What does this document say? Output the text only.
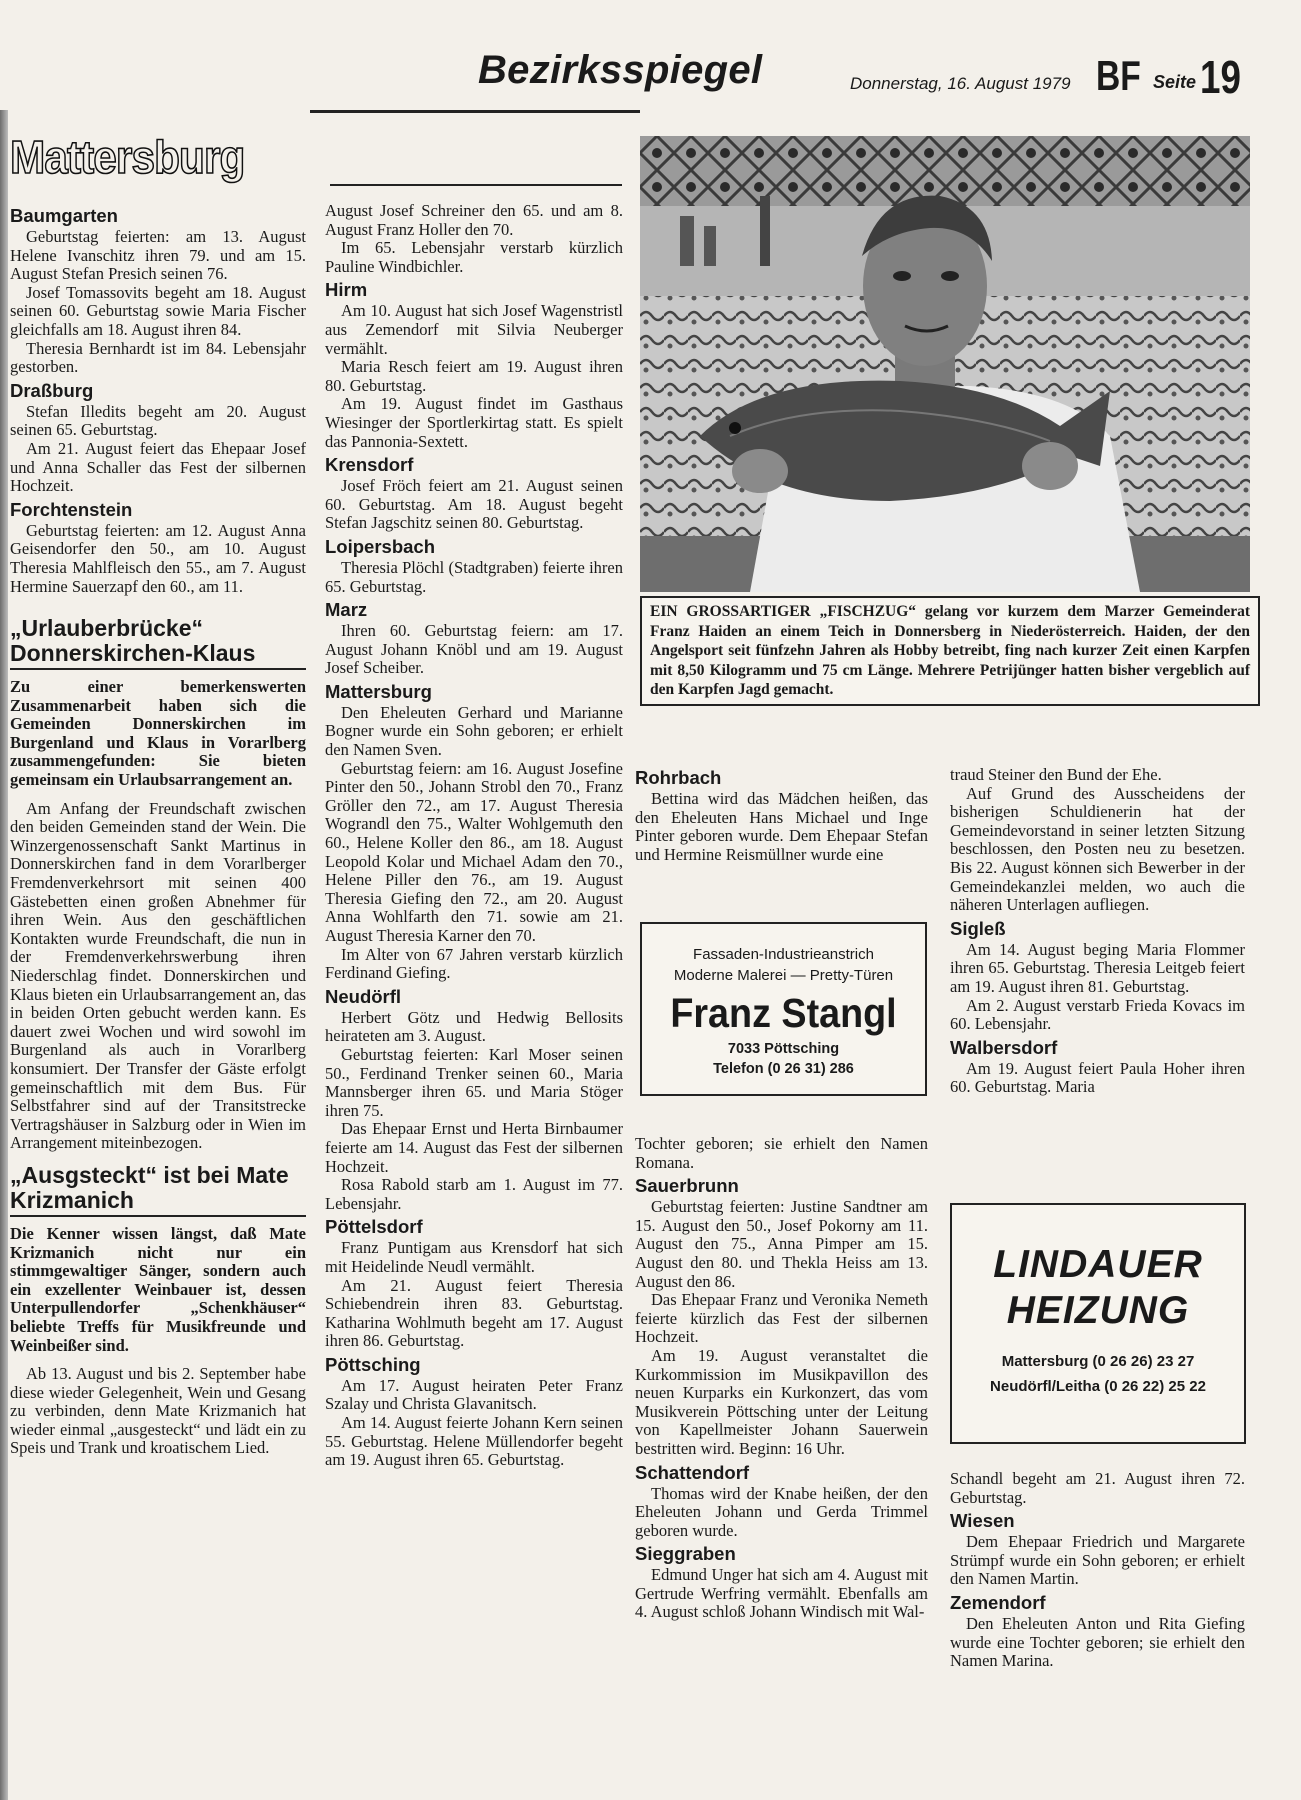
Bezirksspiegel	Donnerstag, 16. August 1979 BF Seite 19
Mattersburg
Baumgarten

Geburtstag feierten: am 13. August Helene Ivanschitz ihren 79. und am 15. August Stefan Presich seinen 76.

Josef Tomassovits begeht am 18. August seinen 60. Geburtstag sowie Maria Fischer gleichfalls am 18. August ihren 84.

Theresia Bernhardt ist im 84. Lebensjahr gestorben.

Draßburg

Stefan Illedits begeht am 20. August seinen 65. Geburtstag.

Am 21. August feiert das Ehepaar Josef und Anna Schaller das Fest der silbernen Hochzeit.

Forchtenstein

Geburtstag feierten: am 12. August Anna Geisendorfer den 50., am 10. August Theresia Mahlfleisch den 55., am 7. August Hermine Sauerzapf den 60., am 11.

„Urlauberbrücke“ Donnerskirchen-Klaus

Zu einer bemerkenswerten Zusammenarbeit haben sich die Gemeinden Donnerskirchen im Burgenland und Klaus in Vorarlberg zusammengefunden: Sie bieten gemeinsam ein Urlaubsarrangement an.

Am Anfang der Freundschaft zwischen den beiden Gemeinden stand der Wein. Die Winzergenossenschaft Sankt Martinus in Donnerskirchen fand in dem Vorarlberger Fremdenverkehrsort mit seinen 400 Gästebetten einen großen Abnehmer für ihren Wein. Aus den geschäftlichen Kontakten wurde Freundschaft, die nun in der Fremdenverkehrswerbung ihren Niederschlag findet. Donnerskirchen und Klaus bieten ein Urlaubsarrangement an, das in beiden Orten gebucht werden kann. Es dauert zwei Wochen und wird sowohl im Burgenland als auch in Vorarlberg konsumiert. Der Transfer der Gäste erfolgt gemeinschaftlich mit dem Bus. Für Selbstfahrer sind auf der Transitstrecke Vertragshäuser in Salzburg oder in Wien im Arrangement miteinbezogen.

„Ausgsteckt“ ist bei Mate Krizmanich

Die Kenner wissen längst, daß Mate Krizmanich nicht nur ein stimmgewaltiger Sänger, sondern auch ein exzellenter Weinbauer ist, dessen Unterpullendorfer „Schenkhäuser“ beliebte Treffs für Musikfreunde und Weinbeißer sind.

Ab 13. August und bis 2. September habe diese wieder Gelegenheit, Wein und Gesang zu verbinden, denn Mate Krizmanich hat wieder einmal „ausgesteckt“ und lädt ein zu Speis und Trank und kroatischem Lied.

August Josef Schreiner den 65. und am 8. August Franz Holler den 70.

Im 65. Lebensjahr verstarb kürzlich Pauline Windbichler.

Hirm

Am 10. August hat sich Josef Wagenstristl aus Zemendorf mit Silvia Neuberger vermählt.

Maria Resch feiert am 19. August ihren 80. Geburtstag.

Am 19. August findet im Gasthaus Wiesinger der Sportlerkirtag statt. Es spielt das Pannonia-Sextett.

Krensdorf

Josef Fröch feiert am 21. August seinen 60. Geburtstag. Am 18. August begeht Stefan Jagschitz seinen 80. Geburtstag.

Loipersbach

Theresia Plöchl (Stadtgraben) feierte ihren 65. Geburtstag.

Marz

Ihren 60. Geburtstag feiern: am 17. August Johann Knöbl und am 19. August Josef Scheiber.

Mattersburg

Den Eheleuten Gerhard und Marianne Bogner wurde ein Sohn geboren; er erhielt den Namen Sven.

Geburtstag feiern: am 16. August Josefine Pinter den 50., Johann Strobl den 70., Franz Gröller den 72., am 17. August Theresia Wograndl den 75., Walter Wohlgemuth den 60., Helene Koller den 86., am 18. August Leopold Kolar und Michael Adam den 70., Helene Piller den 76., am 19. August Theresia Giefing den 72., am 20. August Anna Wohlfarth den 71. sowie am 21. August Theresia Karner den 70.

Im Alter von 67 Jahren verstarb kürzlich Ferdinand Giefing.

Neudörfl

Herbert Götz und Hedwig Bellosits heirateten am 3. August.

Geburtstag feierten: Karl Moser seinen 50., Ferdinand Trenker seinen 60., Maria Mannsberger ihren 65. und Maria Stöger ihren 75.

Das Ehepaar Ernst und Herta Birnbaumer feierte am 14. August das Fest der silbernen Hochzeit.

Rosa Rabold starb am 1. August im 77. Lebensjahr.

Pöttelsdorf

Franz Puntigam aus Krensdorf hat sich mit Heidelinde Neudl vermählt.

Am 21. August feiert Theresia Schiebendrein ihren 83. Geburtstag. Katharina Wohlmuth begeht am 17. August ihren 86. Geburtstag.

Pöttsching

Am 17. August heiraten Peter Franz Szalay und Christa Glavanitsch.

Am 14. August feierte Johann Kern seinen 55. Geburtstag. Helene Müllendorfer begeht am 19. August ihren 65. Geburtstag.

EIN GROSSARTIGER „FISCHZUG“ gelang vor kurzem dem Marzer Gemeinderat Franz Haiden an einem Teich in Donnersberg in Niederösterreich. Haiden, der den Angelsport seit fünfzehn Jahren als Hobby betreibt, fing nach kurzer Zeit einen Karpfen mit 8,50 Kilogramm und 75 cm Länge. Mehrere Petrijünger hatten bisher vergeblich auf den Karpfen Jagd gemacht.
Rohrbach

Bettina wird das Mädchen heißen, das den Eheleuten Hans Michael und Inge Pinter geboren wurde. Dem Ehepaar Stefan und Hermine Reismüllner wurde eine

Fassaden-Industrieanstrich
Moderne Malerei — Pretty-Türen
Franz Stangl
7033 Pöttsching
Telefon (0 26 31) 286

Tochter geboren; sie erhielt den Namen Romana.

Sauerbrunn

Geburtstag feierten: Justine Sandtner am 15. August den 50., Josef Pokorny am 11. August den 75., Anna Pimper am 15. August den 80. und Thekla Heiss am 13. August den 86.

Das Ehepaar Franz und Veronika Nemeth feierte kürzlich das Fest der silbernen Hochzeit.

Am 19. August veranstaltet die Kurkommission im Musikpavillon des neuen Kurparks ein Kurkonzert, das vom Musikverein Pöttsching unter der Leitung von Kapellmeister Johann Sauerwein bestritten wird. Beginn: 16 Uhr.

Schattendorf

Thomas wird der Knabe heißen, der den Eheleuten Johann und Gerda Trimmel geboren wurde.

Sieggraben

Edmund Unger hat sich am 4. August mit Gertrude Werfring vermählt. Ebenfalls am 4. August schloß Johann Windisch mit Wal-

traud Steiner den Bund der Ehe.

Auf Grund des Ausscheidens der bisherigen Schuldienerin hat der Gemeindevorstand in seiner letzten Sitzung beschlossen, den Posten neu zu besetzen. Bis 22. August können sich Bewerber in der Gemeindekanzlei melden, wo auch die näheren Unterlagen aufliegen.

Sigleß

Am 14. August beging Maria Flommer ihren 65. Geburtstag. Theresia Leitgeb feiert am 19. August ihren 81. Geburtstag.

Am 2. August verstarb Frieda Kovacs im 60. Lebensjahr.

Walbersdorf

Am 19. August feiert Paula Hoher ihren 60. Geburtstag. Maria

LINDAUER
HEIZUNG
Mattersburg (0 26 26) 23 27
Neudörfl/Leitha (0 26 22) 25 22

Schandl begeht am 21. August ihren 72. Geburtstag.

Wiesen

Dem Ehepaar Friedrich und Margarete Strümpf wurde ein Sohn geboren; er erhielt den Namen Martin.

Zemendorf

Den Eheleuten Anton und Rita Giefing wurde eine Tochter geboren; sie erhielt den Namen Marina.
